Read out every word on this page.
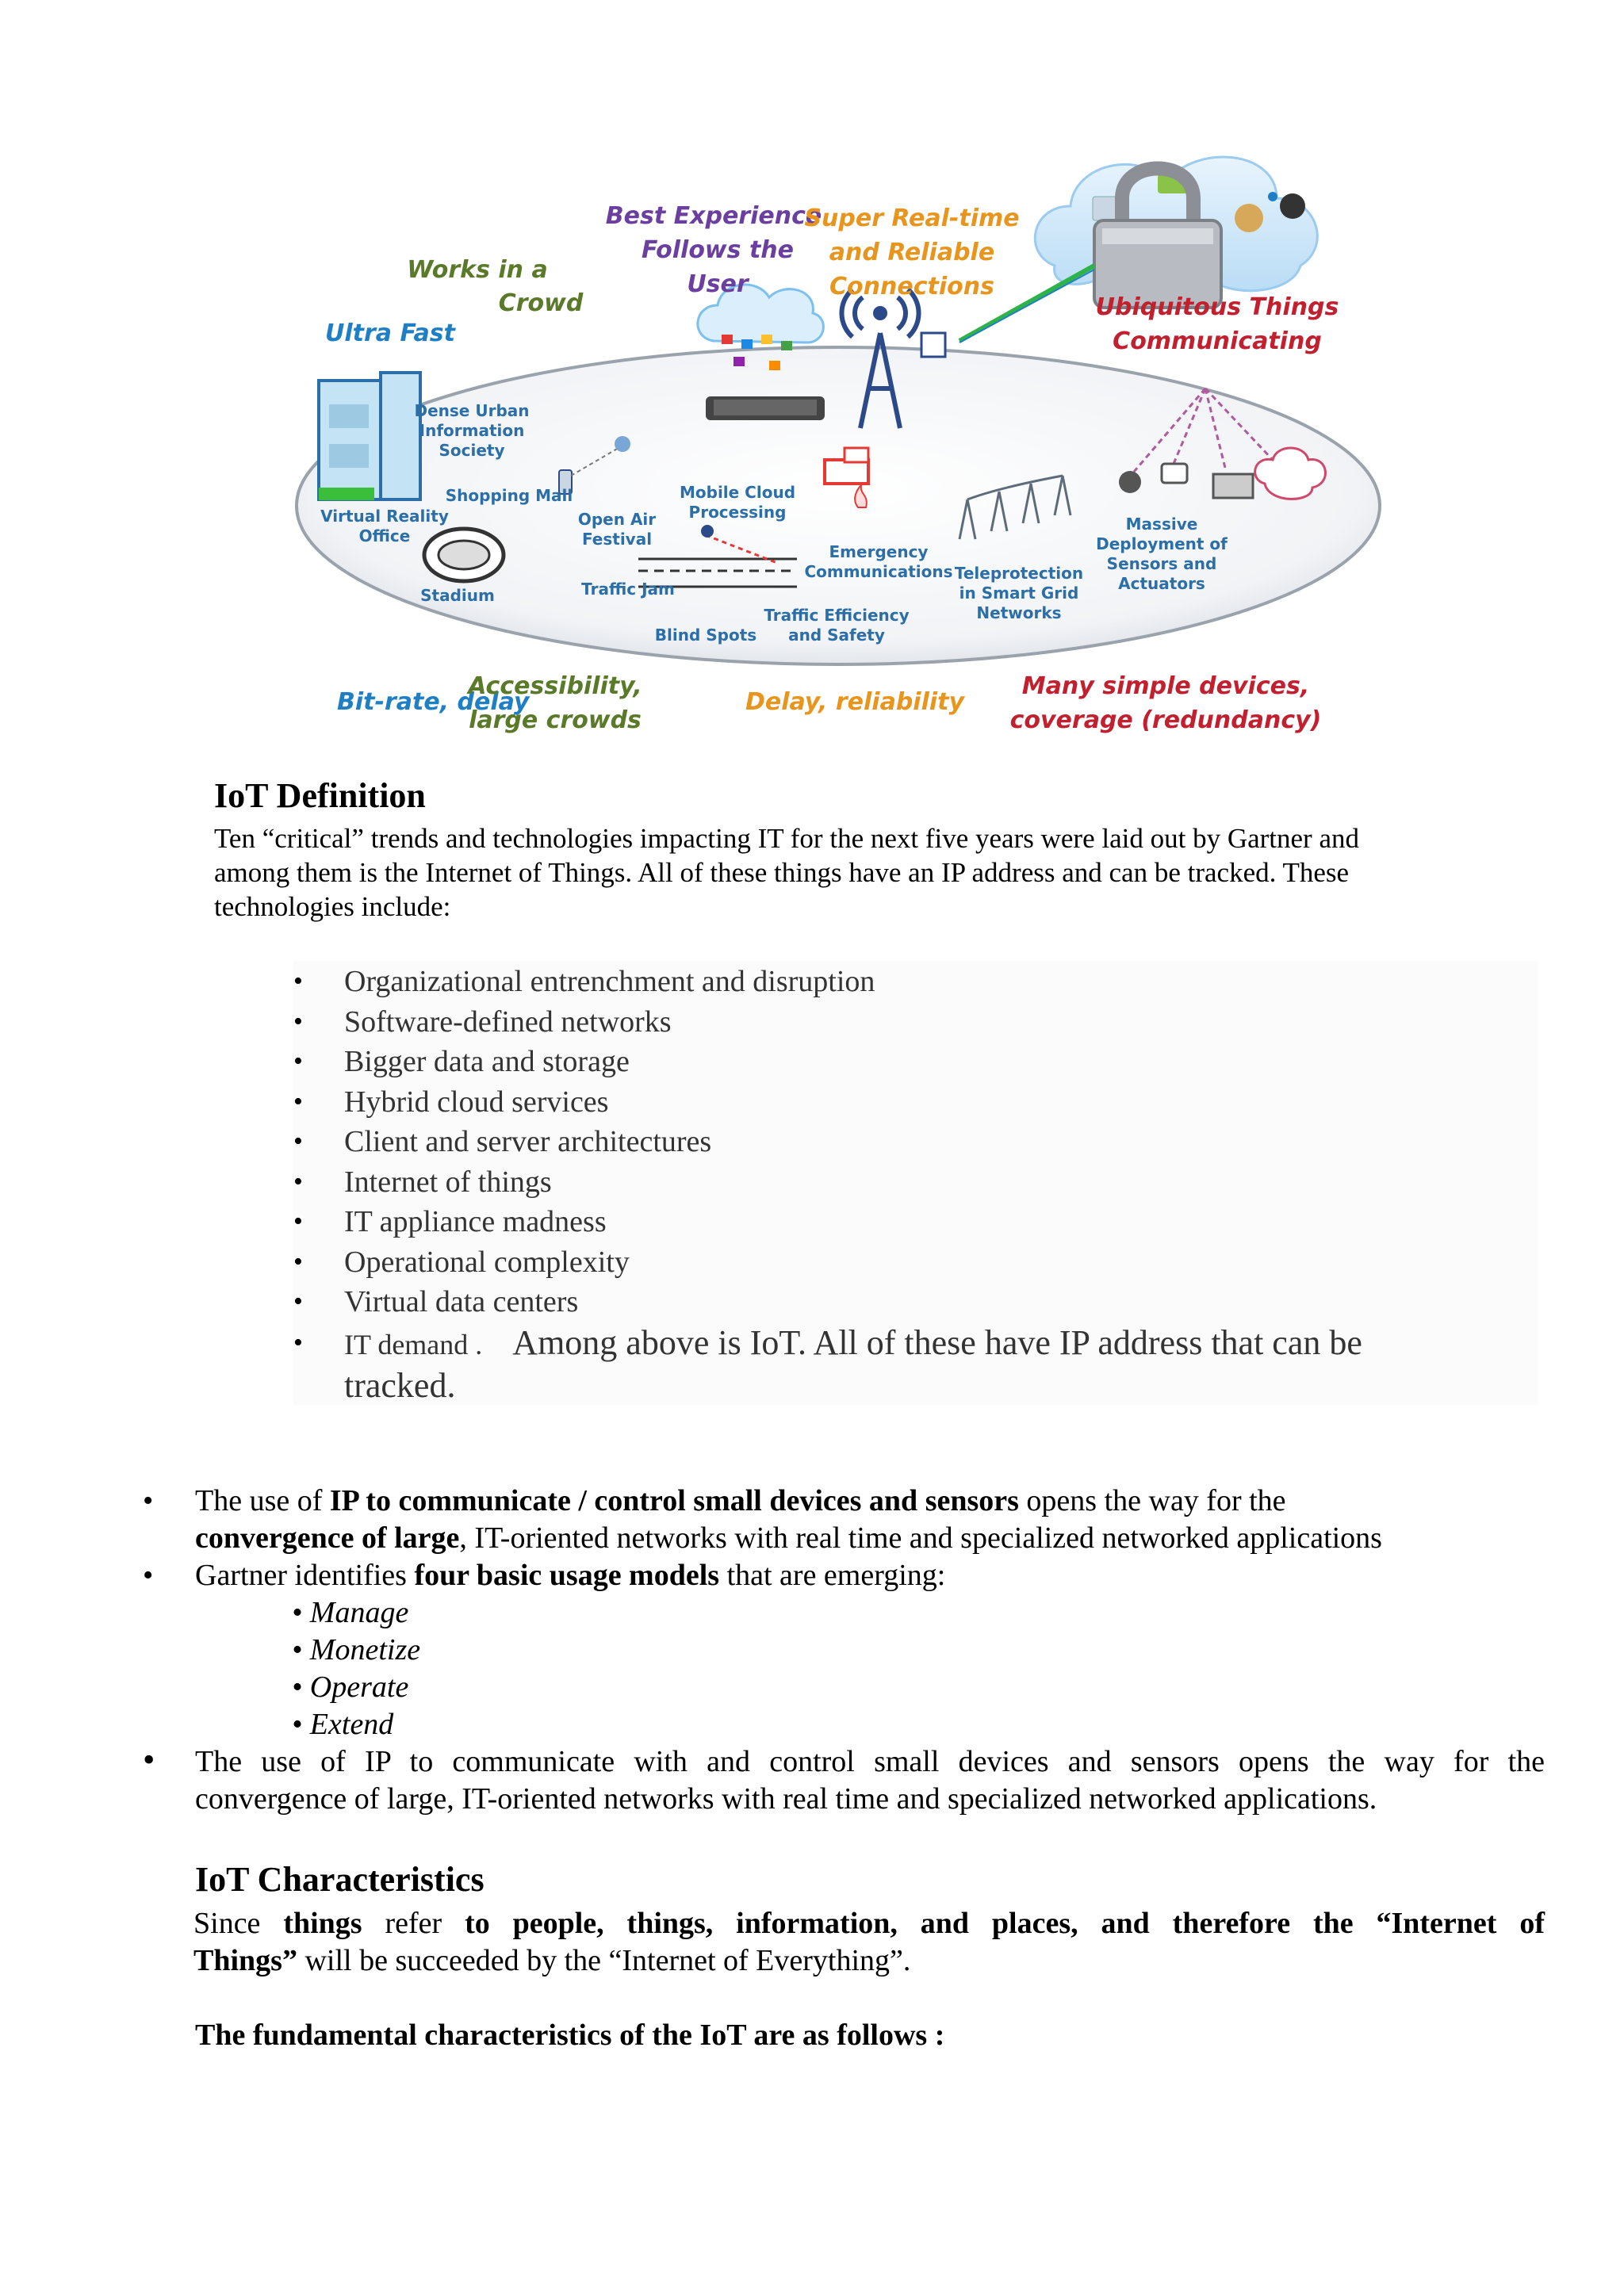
Ultra Fast
Works in a
Crowd
Best Experience
Follows the
User
Super Real-time
and Reliable
Connections
Ubiquitous Things
Communicating
Dense Urban
Information
Society
Virtual Reality
Office
Shopping Mall
Open Air
Festival
Stadium	Traffic Jam
Mobile Cloud
Processing
Blind Spots
Emergency
Communications
Traffic Efficiency
and Safety
Teleprotection
in Smart Grid
Networks
Massive
Deployment of
Sensors and
Actuators
Bit-rate, delay
Accessibility,
large crowds
Delay, reliability
Many simple devices,
coverage (redundancy)
IoT Definition
Ten “critical” trends and technologies impacting IT for the next five years were laid out by Gartner and
among them is the Internet of Things. All of these things have an IP address and can be tracked. These
technologies include:
• Organizational entrenchment and disruption
• Software-defined networks
• Bigger data and storage
• Hybrid cloud services
• Client and server architectures
• Internet of things
• IT appliance madness
• Operational complexity
• Virtual data centers
• IT demand . Among above is IoT. All of these have IP address that can be
tracked.
• The use of IP to communicate / control small devices and sensors opens the way for the
convergence of large, IT-oriented networks with real time and specialized networked applications
• Gartner identifies four basic usage models that are emerging:
• Manage
• Monetize
• Operate
• Extend
• The use of IP to communicate with and control small devices and sensors opens the way for the
convergence of large, IT-oriented networks with real time and specialized networked applications.
IoT Characteristics
Since things refer to people, things, information, and places, and therefore the “Internet of
Things” will be succeeded by the “Internet of Everything”.
The fundamental characteristics of the IoT are as follows :
